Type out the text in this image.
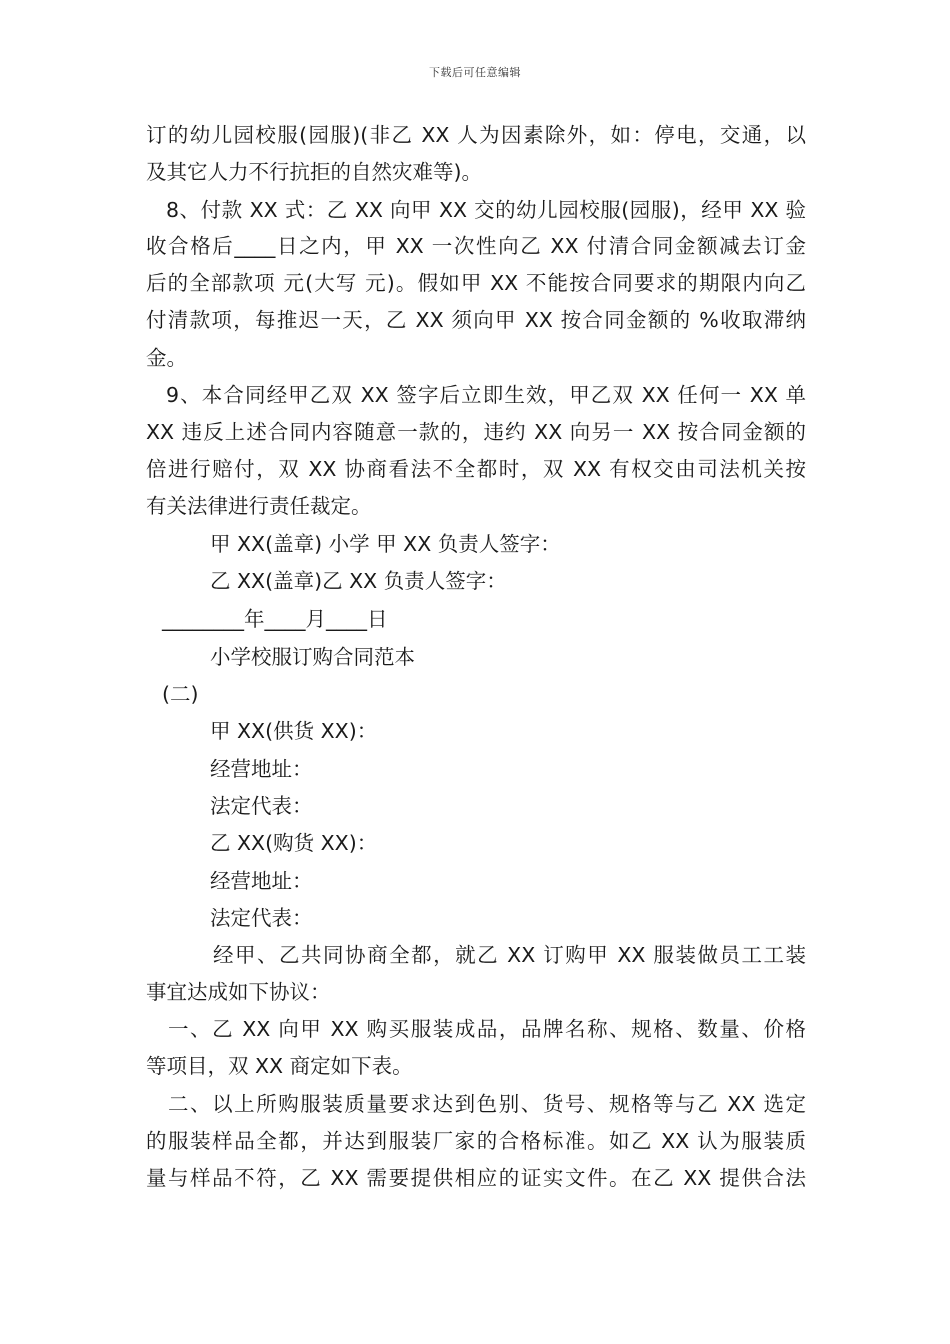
下载后可任意编辑
订的幼儿园校服(园服)(非乙 XX 人为因素除外，如：停电，交通，以
及其它人力不行抗拒的自然灾难等)。
8、付款 XX 式：乙 XX 向甲 XX 交的幼儿园校服(园服)，经甲 XX 验
收合格后____日之内，甲 XX 一次性向乙 XX 付清合同金额减去订金
后的全部款项 元(大写 元)。假如甲 XX 不能按合同要求的期限内向乙
付清款项，每推迟一天，乙 XX 须向甲 XX 按合同金额的 %收取滞纳
金。
9、本合同经甲乙双 XX 签字后立即生效，甲乙双 XX 任何一 XX 单
XX 违反上述合同内容随意一款的，违约 XX 向另一 XX 按合同金额的
倍进行赔付，双 XX 协商看法不全都时，双 XX 有权交由司法机关按
有关法律进行责任裁定。
甲 XX(盖章) 小学 甲 XX 负责人签字：
乙 XX(盖章)乙 XX 负责人签字：
________年____月____日
小学校服订购合同范本
(二)
甲 XX(供货 XX)：
经营地址：
法定代表：
乙 XX(购货 XX)：
经营地址：
法定代表：
经甲、乙共同协商全都，就乙 XX 订购甲 XX 服装做员工工装
事宜达成如下协议：
一、乙 XX 向甲 XX 购买服装成品，品牌名称、规格、数量、价格
等项目，双 XX 商定如下表。
二、以上所购服装质量要求达到色别、货号、规格等与乙 XX 选定
的服装样品全都，并达到服装厂家的合格标准。如乙 XX 认为服装质
量与样品不符，乙 XX 需要提供相应的证实文件。在乙 XX 提供合法
